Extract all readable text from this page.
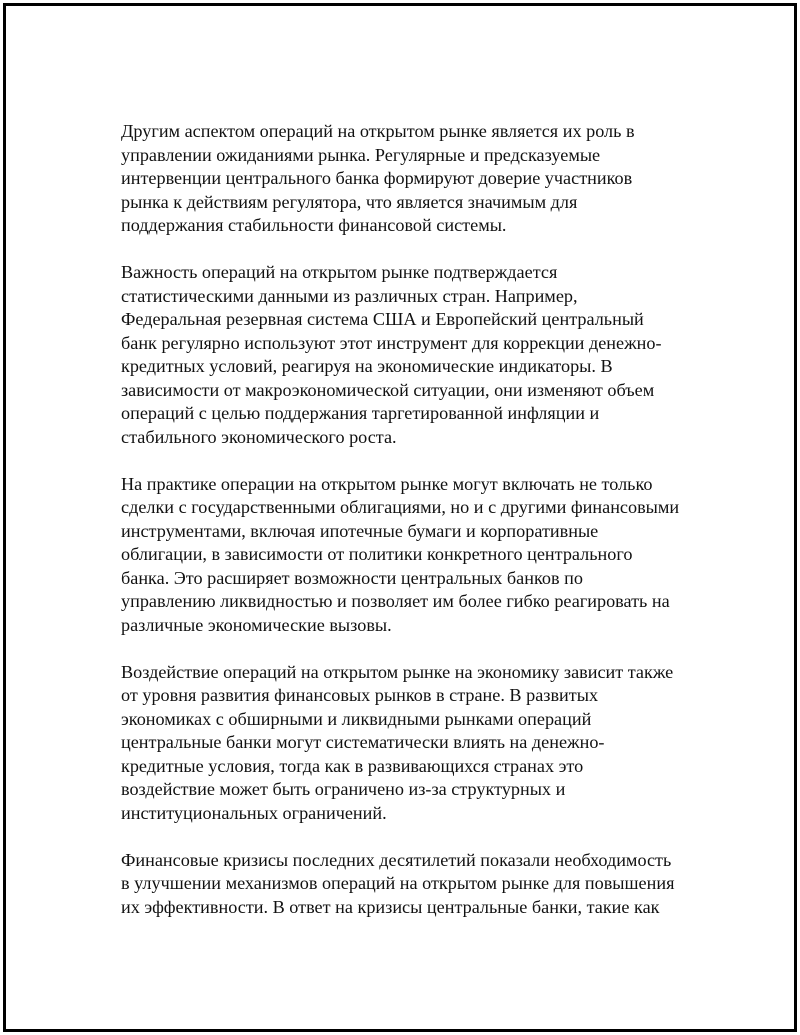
Другим аспектом операций на открытом рынке является их роль в
управлении ожиданиями рынка. Регулярные и предсказуемые
интервенции центрального банка формируют доверие участников
рынка к действиям регулятора, что является значимым для
поддержания стабильности финансовой системы.

Важность операций на открытом рынке подтверждается
статистическими данными из различных стран. Например,
Федеральная резервная система США и Европейский центральный
банк регулярно используют этот инструмент для коррекции денежно-
кредитных условий, реагируя на экономические индикаторы. В
зависимости от макроэкономической ситуации, они изменяют объем
операций с целью поддержания таргетированной инфляции и
стабильного экономического роста.

На практике операции на открытом рынке могут включать не только
сделки с государственными облигациями, но и с другими финансовыми
инструментами, включая ипотечные бумаги и корпоративные
облигации, в зависимости от политики конкретного центрального
банка. Это расширяет возможности центральных банков по
управлению ликвидностью и позволяет им более гибко реагировать на
различные экономические вызовы.

Воздействие операций на открытом рынке на экономику зависит также
от уровня развития финансовых рынков в стране. В развитых
экономиках с обширными и ликвидными рынками операций
центральные банки могут систематически влиять на денежно-
кредитные условия, тогда как в развивающихся странах это
воздействие может быть ограничено из-за структурных и
институциональных ограничений.

Финансовые кризисы последних десятилетий показали необходимость
в улучшении механизмов операций на открытом рынке для повышения
их эффективности. В ответ на кризисы центральные банки, такие как
